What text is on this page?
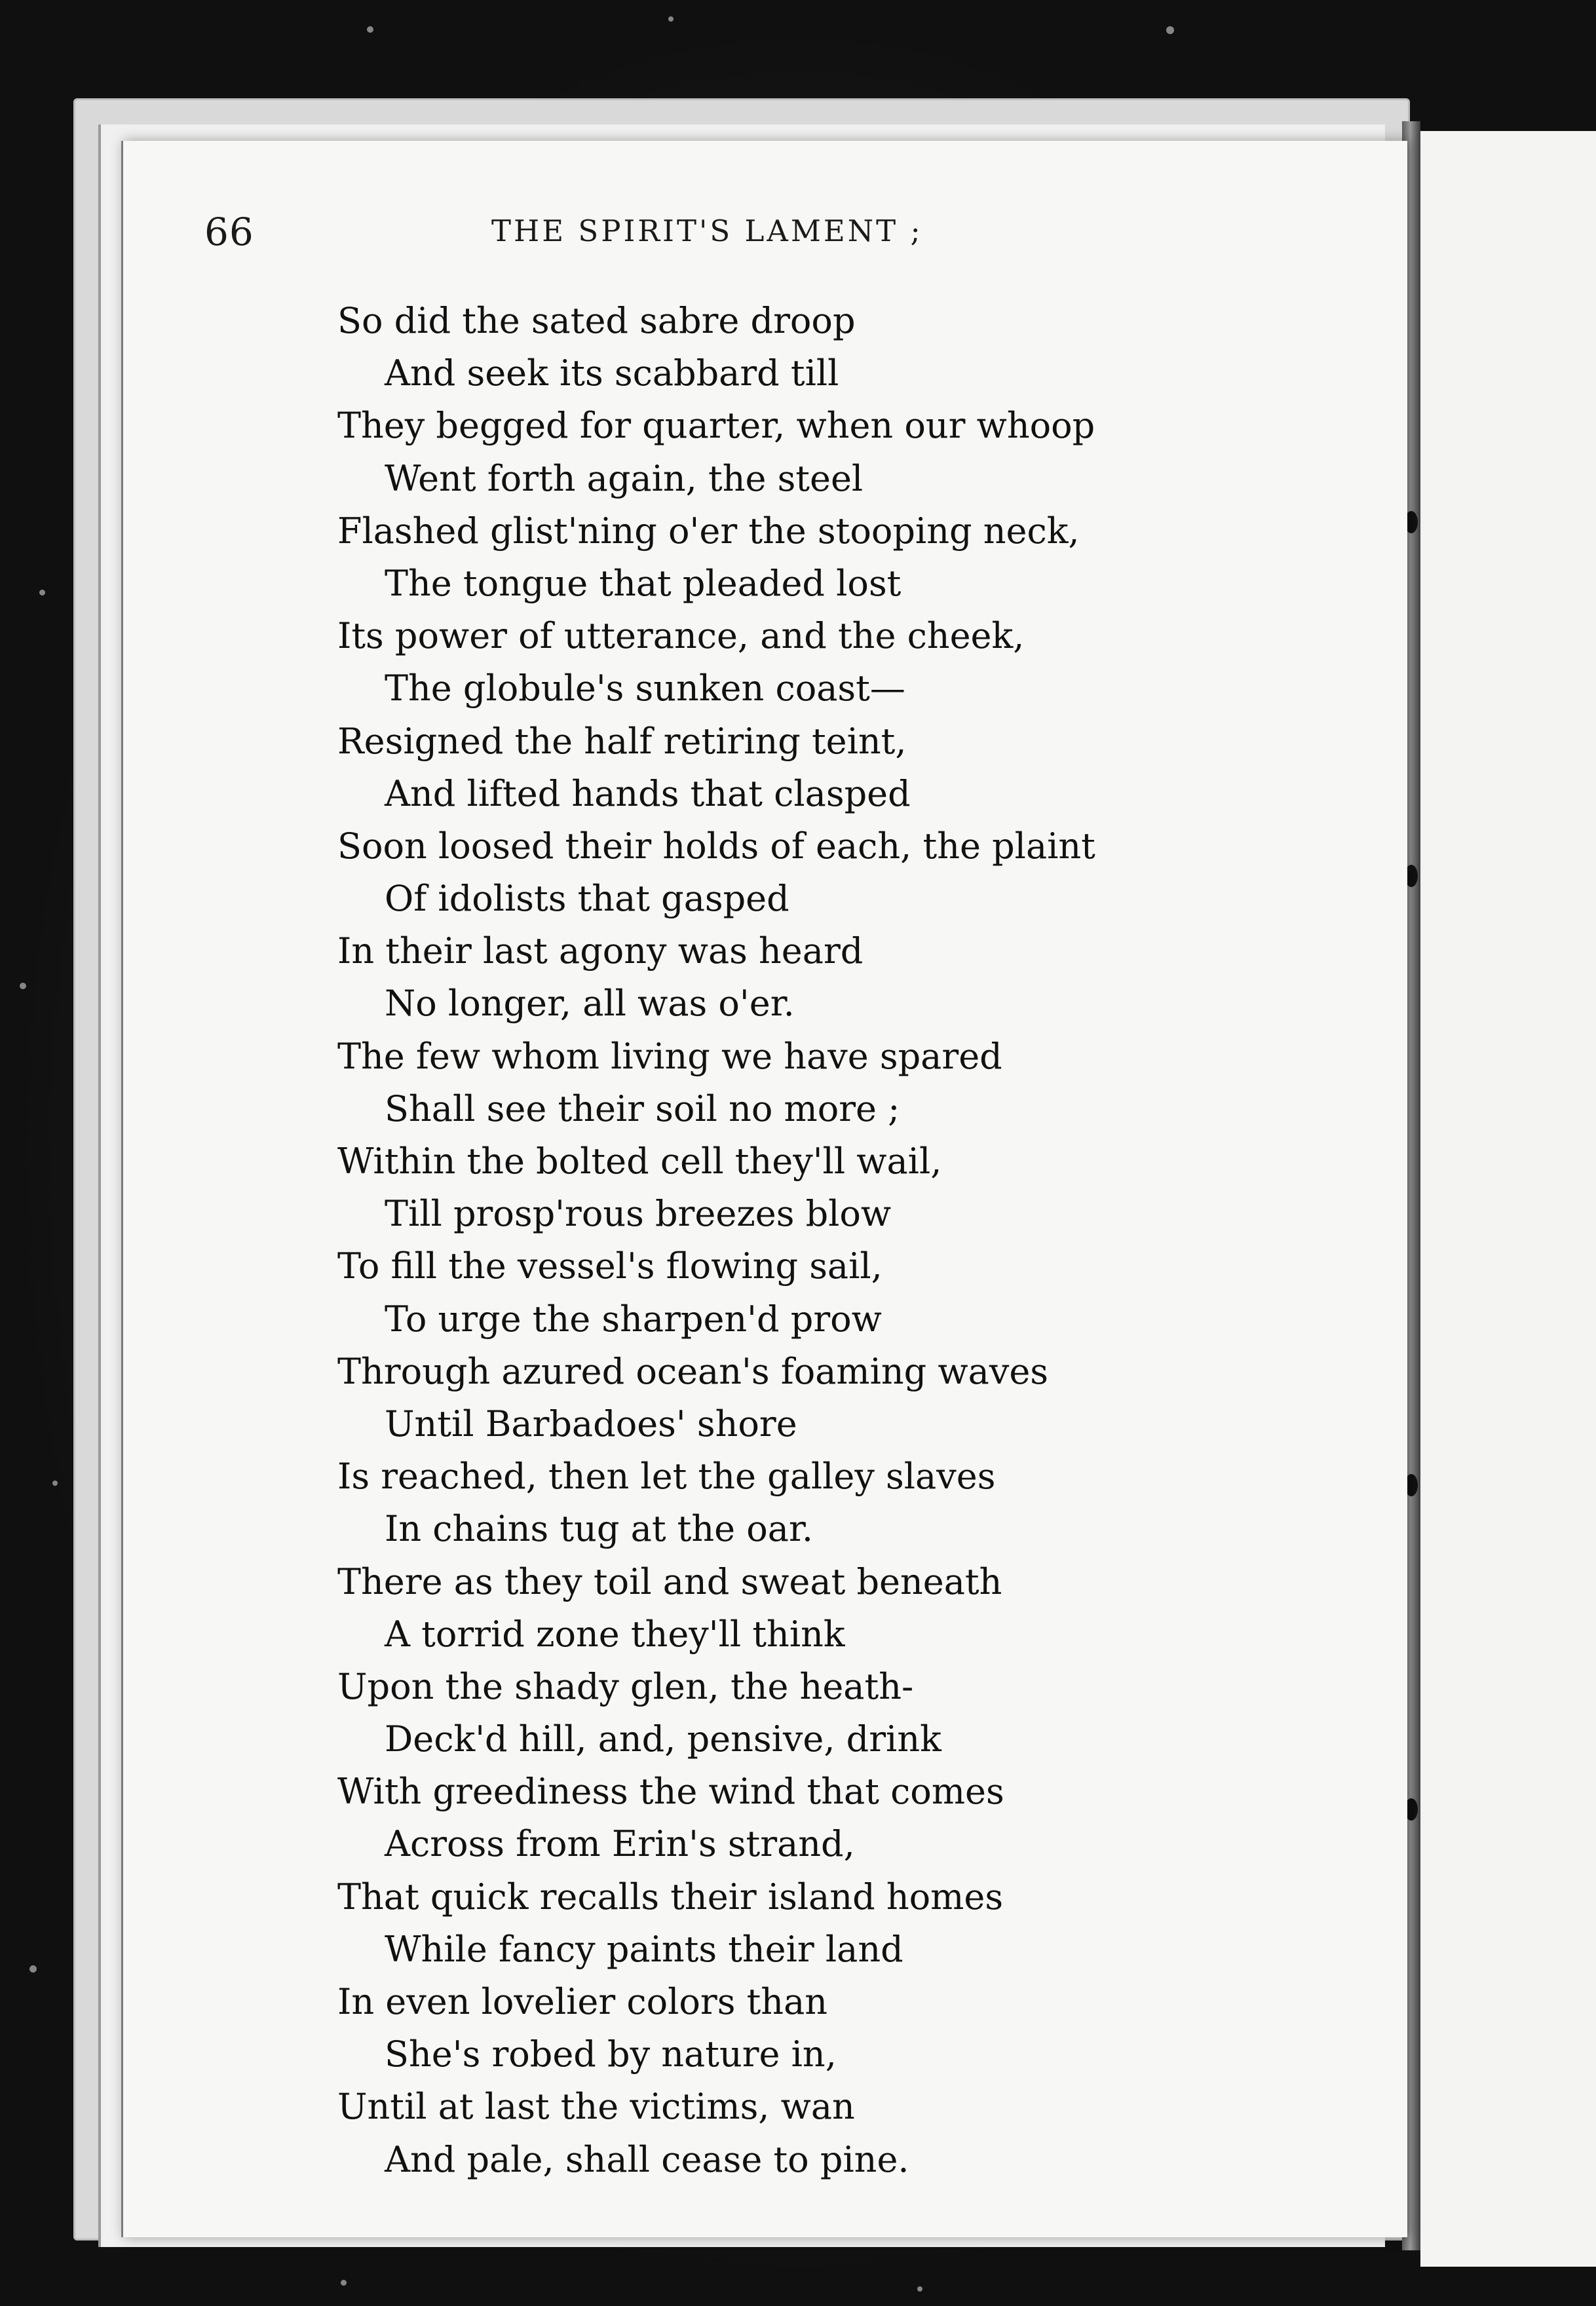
66	THE SPIRIT'S LAMENT ;
So did the sated sabre droop
And seek its scabbard till
They begged for quarter, when our whoop
Went forth again, the steel
Flashed glist'ning o'er the stooping neck,
The tongue that pleaded lost
Its power of utterance, and the cheek,
The globule's sunken coast—
Resigned the half retiring teint,
And lifted hands that clasped
Soon loosed their holds of each, the plaint
Of idolists that gasped
In their last agony was heard
No longer, all was o'er.
The few whom living we have spared
Shall see their soil no more ;
Within the bolted cell they'll wail,
Till prosp'rous breezes blow
To fill the vessel's flowing sail,
To urge the sharpen'd prow
Through azured ocean's foaming waves
Until Barbadoes' shore
Is reached, then let the galley slaves
In chains tug at the oar.
There as they toil and sweat beneath
A torrid zone they'll think
Upon the shady glen, the heath-
Deck'd hill, and, pensive, drink
With greediness the wind that comes
Across from Erin's strand,
That quick recalls their island homes
While fancy paints their land
In even lovelier colors than
She's robed by nature in,
Until at last the victims, wan
And pale, shall cease to pine.
